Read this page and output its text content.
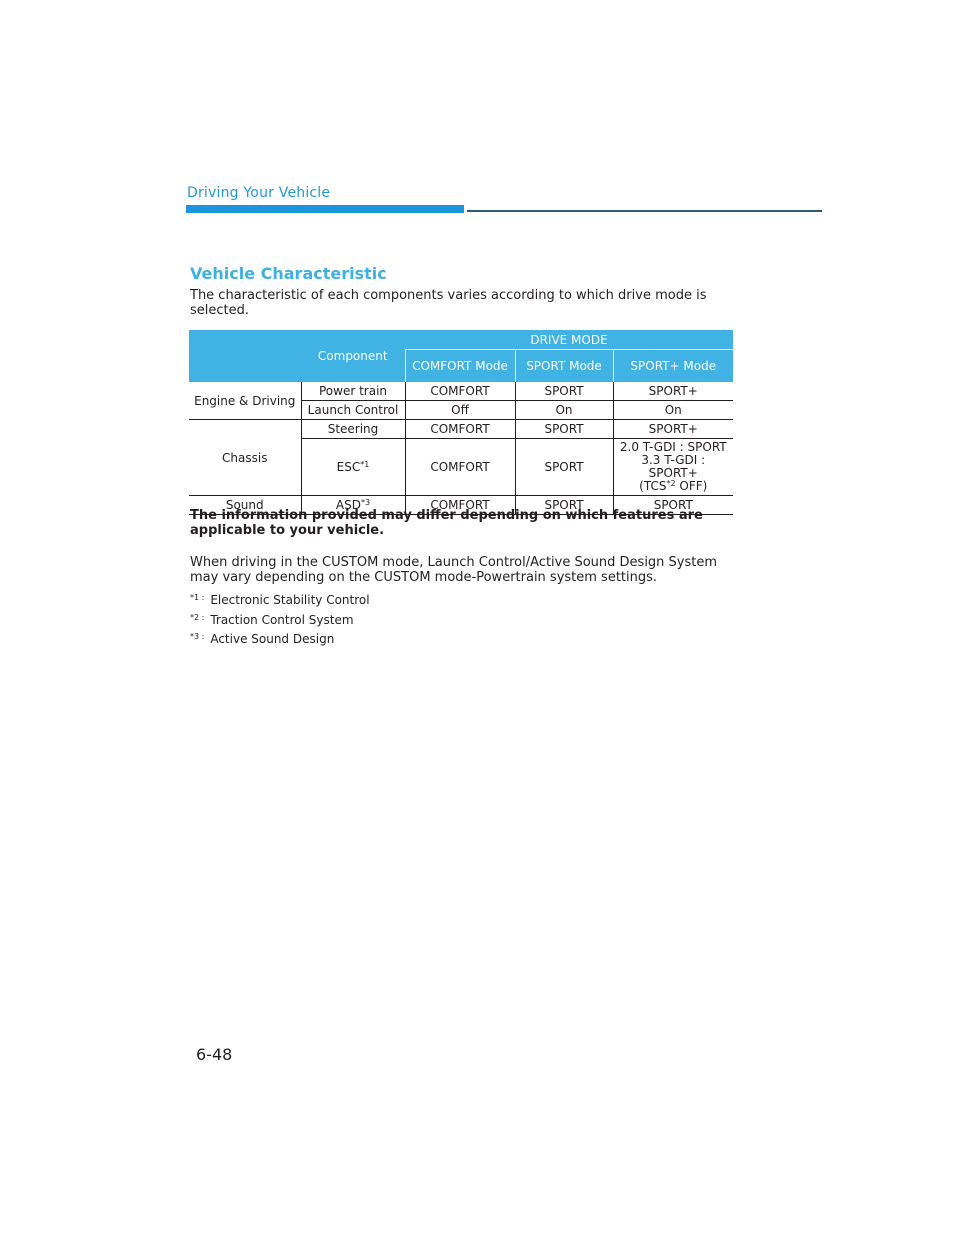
Driving Your Vehicle
Vehicle Characteristic
The characteristic of each components varies according to which drive mode is selected.
	Component	DRIVE MODE		
		COMFORT Mode	SPORT Mode	SPORT+ Mode
Engine & Driving	Power train	COMFORT	SPORT	SPORT+
	Launch Control	Off	On	On
Chassis	Steering	COMFORT	SPORT	SPORT+
	ESC$^{*1}$	COMFORT	SPORT	2.0 T-GDI : SPORT
3.3 T-GDI : SPORT+
($TCS^{*2}$ OFF)

Sound	ASD$^{*3}$	COMFORT	SPORT	SPORT
The information provided may differ depending on which features are applicable to your vehicle.
When driving in the CUSTOM mode, Launch Control/Active Sound Design System may vary depending on the CUSTOM mode-Powertrain system settings.
$^{*1 :}$ Electronic Stability Control
$^{*2 :}$ Traction Control System
$^{*3 :}$ Active Sound Design
6-48
